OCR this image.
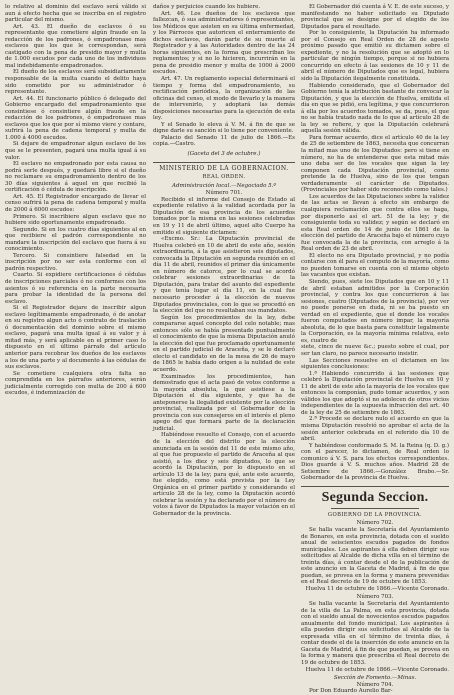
lo relativo al dominio del esclavo será válido si aun á efecto hecha que se inscriba en el registro particular del mismo.

Art. 43. El dueño de esclavos ó su representante que cometiere algún fraude en la redacción de los padrones, ó empadronase mas esclavos que los que le correspondan, será castigado con la pena de presidio mayor y multa de 1.000 escudos por cada uno de los individuos mal indebidamente empadronados.

El dueño de los esclavos será subsidiariamente responsable de la multa cuando el delito haya sido cometido por su administrador ó representante.

Art. 44. El funcionario público ó delegado del Gobierno encargado del empadronamiento que consintiese ó consintiere algún fraude en la redacción de los padrones, ó empadronase mas esclavos que los que por sí mismo viere y contare, sufrirá la pena de cadena temporal y multa de 1.000 á 4000 escudos.

Si dejare de empadronar algun esclavo de los que se le presenten, pagará una multa igual á su valor.

El esclavo no empadronado por esta causa no podrá serle después, y quedará libre si el dueño no reclamare su empadronamiento dentro de los 30 días siguientes á aquel en que recibió la certificación ó cédula de inscripción.

Art. 45. El Registrador encargado de llevar el censo sufrirá la pena de cadena temporal y multa de 2000 á 6000 escudos:

Primero. Si inscribiere algun esclavo que no hubiere sido oportunamente empadronado.

Segundo. Si en los cuatro días siguientes al en que recibiere el padrón correspondiente no mandare la inscripción del esclavo que fuera á su conocimiento.

Tercero. Si consintiere falsedad en la inscripción por no ser esta conforme con el padrón respectivo.

Cuarto. Si expidiere certificaciones ó cédulas de inscripciones parciales ó no conformes con los asientos ó su referencia en la parte necesaria para probar la identidad de la persona del esclavo.

Si el Registrador dejare de inscribir algun esclavo legítimamente empadronado, ó de anotar en su registro algun acto ó contrato de traslación ó documentación del dominio sobre el mismo esclavo, pagará una multa igual á su valor y á mitad más, y será aplicable en el primer caso lo dispuesto en el último párrafo del artículo anterior para recobrar los dueños de los esclavos a los de una parte y al documento á las cédulas de sus esclavos.

Se cometiere cualquiera otra falta no comprendida en los párrafos anteriores, serán judicialmente corregido con multa de 200 á 600 escudos, é indemnización de

daños y perjuicios cuando los hubiere.

Art. 46. Los dueños de los esclavos que fallezcan, ó sus administradores ó representantes, los Médicos que asisten en su última enfermedad, y los Párrocos que autoricen el enterramiento de dichos esclavos, darán parte de su muerte al Registrador y á las Autoridades dentro de las 24 horas siguientes, en la forma que prescriban los reglamentos; y si no lo hicieren, incurrirán en la pena de presidio menor y multa de 1000 á 2000 escudos.

Art. 47. Un reglamento especial determinará el tiempo y forma del empadronamiento, su rectificación periódica, la organización de las oficinas del censo, el modo de llevarlo y la manera de intervenirlo, y adoptará las demás disposiciones necesarias para la ejecución de esta ley.

Y el Senado lo eleva á V. M. á fin de que se digne darle su sanción si lo tiene por conveniente.

Palacio del Senado 11 de julio de 1866.—Es copia.—Castro.

(Gaceta del 3 de octubre.)

MINISTERIO DE LA GOBERNACION.

REAL ORDEN.

Administración local.—Negociado 5.º

Número 701.

Recibido el informe del Consejo de Estado al expediente relativo á la validad acordada por la Diputación de esa provincia de los acuerdos tomados por la misma en las sesiones celebradas en 19 y 11 de abril último, aquel alto Cuerpo ha emitido el siguiente dictamen:

«Excmo. Sr.: La Diputación provincial de Huelva celebró en 10 de abril de este año, sesión extraordinaria, á la que asistieron seis diputados, convocada la Diputación en segunda reunión en el día 11 de abril, reunidos el primer día únicamente en número de catorce, por lo cual se acordó celebrar sesiones extraordinarias de la Diputación, para tratar del asunto del expediente y que tenía lugar el día 11, en la cual fue necesario proceder á la elección de nuevos Diputados provinciales, con lo que se procedió en la elección del que no resultaban sus mandatos.

Según los procedimientos de la ley, debe compararse aquel concepto del celo notable; mas entonces sólo se había presentado puntualmente el conocimiento de que la misma Diputación anuló la elección del que fue proclamado oportunamente en el partido judicial de Araceña, y se le declaró electo el candidato en de la mesa de 26 de mayo de 1865 le había dado origen a la nulidad de este acuerdo.

Examinados los procedimientos, han demostrado que el acta pasó de votos conforme a la mayoría absoluta, la que asistiese a la Diputación el día siguiente, y que ha de anteponerse la ilegalidad existente por la elección provincial, realizada por el Gobernador de la provincia con sus consejeros en el interés el pleno apego del que formará parte de la declaración judicial.

Habiéndose resuelto el Consejo, con el acuerdo de la elección del distrito por la elección anunciada en la sesión del 11 de este mismo año, al que fue propuesto el partido de Araceña al que asistió, a los diez y seis diputados, lo que se acordó la Diputación, por lo dispuesto en el artículo 13 de la ley; para qué, ante este acuerdo, fue elegido, como está prevista por la Ley Orgánica en el primer partido y considerando el artículo 28 de la ley, como la Diputación acordó celebrar la sesión y ha declarado por el número de votos á favor de Diputados la mayor votación en el Gobernador de la provincia.

El Gobernador dió cuenta á V. E. de este suceso, y manifestando no haber solicitado su Diputado provincial que se designe por el elegido de los Diputados para el resultado.

Por lo consiguiente, la Diputación ha informado por el Consejo en Real Orden de 28 de agosto próximo pasado que emitió su dictamen sobre el expediente, y no la resolución que se adoptó en lo particular de ningún tiempo, porque si no hubiera concurrido en efecto á las sesiones de 10 y 11 de abril el número de Diputados que es legal, hubiera sido la Diputación ilegalmente constituida.

Habiendo considerado, que el Gobernador del Gobierno tenía la atribución bastante de convocar la Diputación, y que la elección de Huelva, emitida el día en que se pidió, era legítima, y que concurrieron á ella por los acuerdos tomados, se da, pues, el que no se había tratado nada de lo que al artículo 28 de la ley se refiere, y que la Diputación celebrará aquella sesión válida.

Para formar acuerdo, dice el artículo 40 de la ley de 25 de setiembre de 1863, necesita que concurran la mitad mas uno de los Diputados: pero si tiene en número, no ha de entenderse que esta mitad más uno deba ser de los vocales que sigan la ley componen cada Diputación provincial, como pretende la de Huelva, sino de los que tengan verdaderamente el carácter de Diputados. (Provinciales por haber sido reconocido como tales.)

Los acuerdos de las Diputaciones sobre la validez de las actas se llevan á efecto sin embargo de cualquiera reclamación que contra ellos se haga, por disponerlo así el art. 51 de la ley; y de consiguiente toda su validez; y según se declaró en esta Real orden de 14 de junio de 1861 de la elección del partido de Araceña bajo el número cuyo fue convocada la de la provincia, con arreglo á la Real orden de 23 de abril.

El electo no era Diputado provincial, y no podía contarse con él para el computo de la mayoría, como no pueden tomarse en cuenta con el mismo objeto las vacantes que existan.

Siendo, pues, siete los Diputados que en 10 y 11 de abril estaban admitidos por la Corporación provincial, y contra los que concurrieron á las sesiones, cuatro (Diputados de la provincia), por ver no puede ponerse en duda, ni se ha puesto en verdad en el expediente, que el donde los vocales fueron computados en número impar, la mayoría absoluta, de lo que basta para constituir legalmente la Corporación, es la mayoría mínima relativa, esto es, cuatro de

siete, cinco de nueve &c.; puesto sobre el cual, por ser tan claro, no parece necesario insistir.

Las Secciones resuelve en el dictamen en los siguientes conclusiones:

1.ª Habiendo concurrido á las sesiones que celebró la Diputación provincial de Huelva en 10 y 11 de abril de este año la mayoría de los vocales que entonces la componían, pudo tomar acuerdos, y son válidos los que adoptó si no adolecen de otros vicios independientes de la supuesta infracción del art. 40 de la ley de 25 de setiembre de 1863.

2.ª Procede se declare nulo el acuerdo en que la misma Diputación resolvió no aprobar el acta de la sesión anterior celebrada en el referido día 10 de abril.

Y habiéndose conformado S. M. la Reina (q. D. g.) con el parecer, lo dictamen, de Real orden lo comunico á V. S. para los efectos correspondientes. Dios guarde á V. S. muchos años. Madrid 28 de Setiembre de 1866.—González Brabo.—Sr. Gobernador de la provincia de Huelva.

Segunda Seccion.

GOBIERNO DE LA PROVINCIA.

Número 702.

Se halla vacante la Secretaría del Ayuntamiento de Bonares, en esta provincia, dotada con el sueldo anual de seiscientos escudos pagados de fondos municipales. Los aspirantes á ella deben dirigir sus solicitudes al Alcalde de dicha villa en el término de treinta días, á contar desde el de la publicación de este anuncio en la Gaceta de Madrid, á fin de que puedan, se provea en la forma y manera prevenidas en el Real decreto de 19 de octubre de 1853.

Huelva 11 de octubre de 1866.—Vicente Coronado.

Número 703.

Se halla vacante la Secretaría del Ayuntamiento de la villa de La Palma, en esta provincia, dotada con el sueldo anual de novecientos escudos pagados anualmente del fondo municipal. Los aspirantes á ella pueden dirigir sus solicitudes al Alcalde de la expresada villa en el término de treinta días, á contar desde el de la inserción de este anuncio en la Gaceta de Madrid, á fin de que puedan, se provea en la forma y manera que prescriba el Real decreto de 19 de octubre de 1853.

Huelva 11 de octubre de 1866.—Vicente Coronado.

Sección de Fomento.—Minas.

Número 704.

Por Don Eduardo Aurelio Bar-
